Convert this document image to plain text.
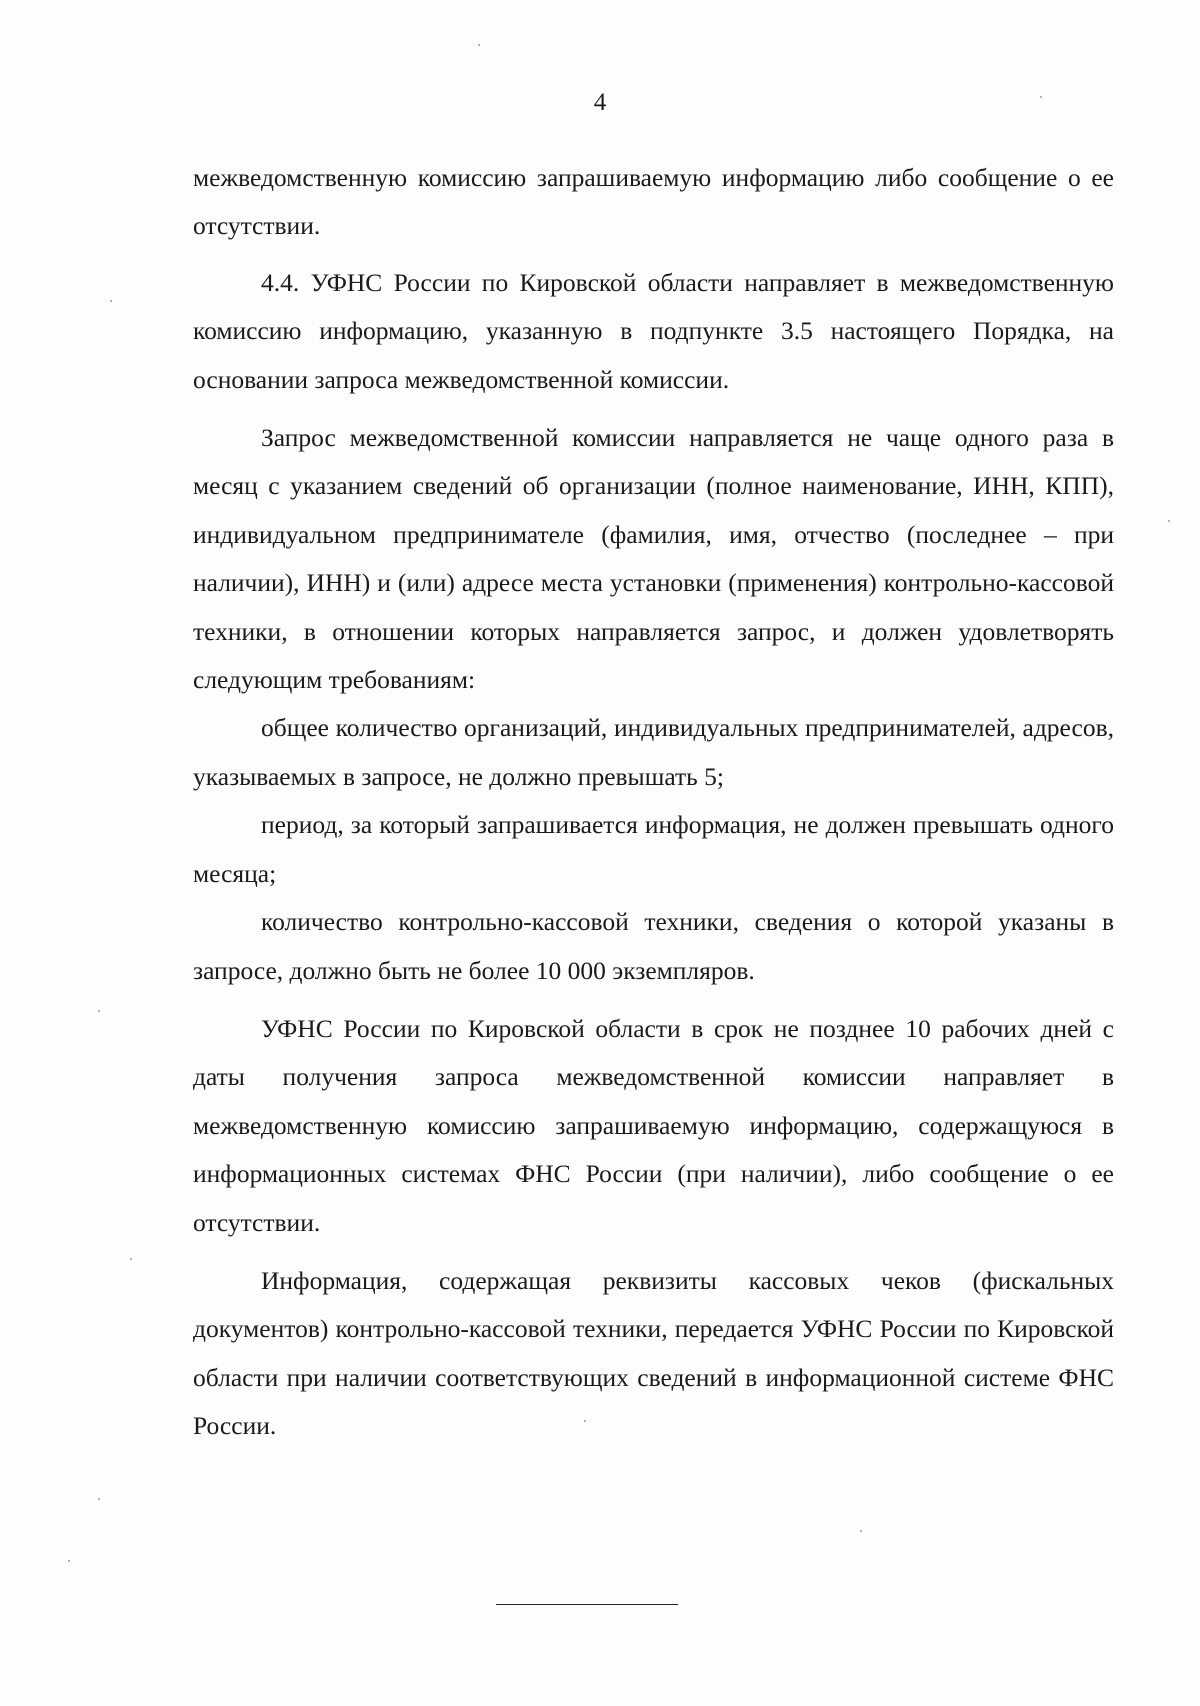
4

межведомственную комиссию запрашиваемую информацию либо сообщение о ее отсутствии.

4.4. УФНС России по Кировской области направляет в межведомственную комиссию информацию, указанную в подпункте 3.5 настоящего Порядка, на основании запроса межведомственной комиссии.

Запрос межведомственной комиссии направляется не чаще одного раза в месяц с указанием сведений об организации (полное наименование, ИНН, КПП), индивидуальном предпринимателе (фамилия, имя, отчество (последнее – при наличии), ИНН) и (или) адресе места установки (применения) контрольно-кассовой техники, в отношении которых направляется запрос, и должен удовлетворять следующим требованиям:

общее количество организаций, индивидуальных предпринимателей, адресов, указываемых в запросе, не должно превышать 5;

период, за который запрашивается информация, не должен превышать одного месяца;

количество контрольно-кассовой техники, сведения о которой указаны в запросе, должно быть не более 10 000 экземпляров.

УФНС России по Кировской области в срок не позднее 10 рабочих дней с даты получения запроса межведомственной комиссии направляет в межведомственную комиссию запрашиваемую информацию, содержащуюся в информационных системах ФНС России (при наличии), либо сообщение о ее отсутствии.

Информация, содержащая реквизиты кассовых чеков (фискальных документов) контрольно-кассовой техники, передается УФНС России по Кировской области при наличии соответствующих сведений в информационной системе ФНС России.
